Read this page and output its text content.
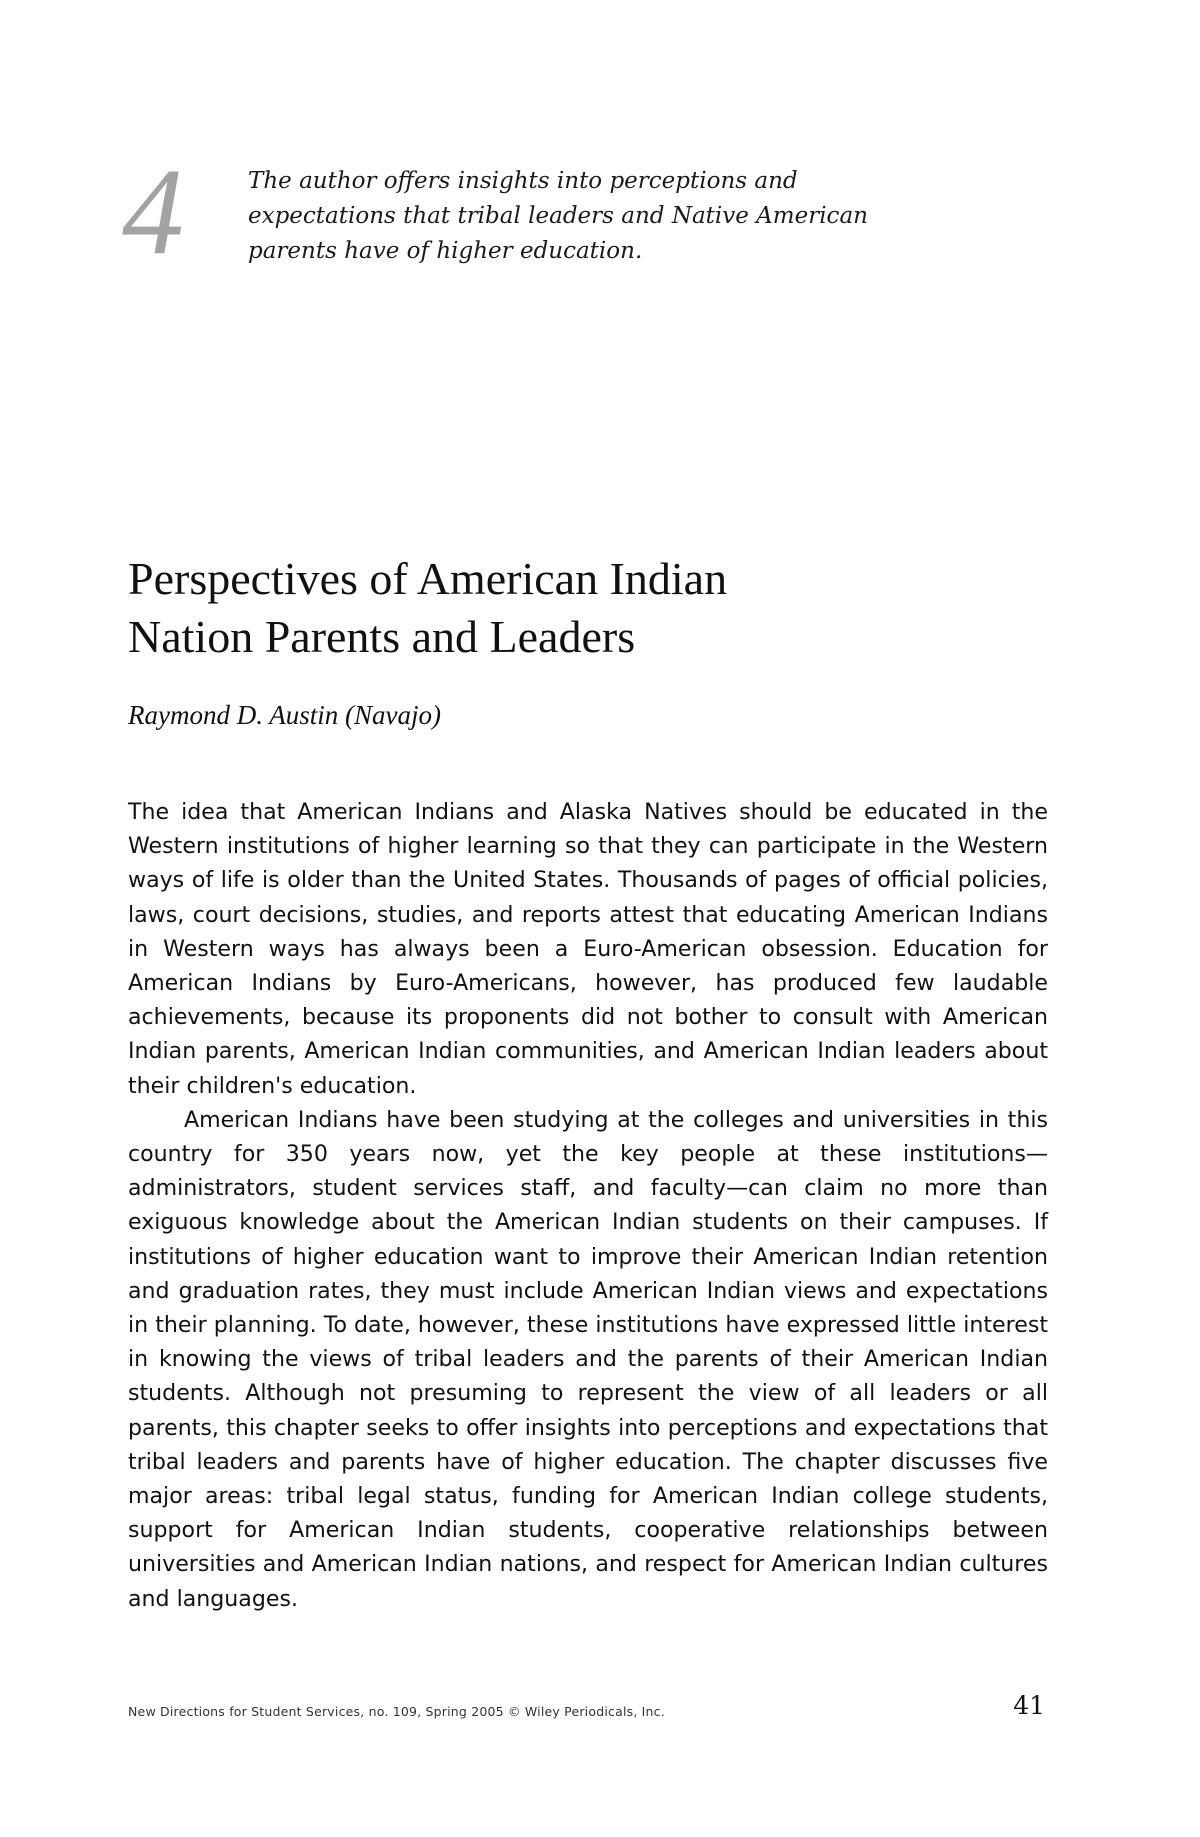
4	The author offers insights into perceptions and expectations that tribal leaders and Native American parents have of higher education.
Perspectives of American Indian
Nation Parents and Leaders
Raymond D. Austin (Navajo)

The idea that American Indians and Alaska Natives should be educated in the Western institutions of higher learning so that they can participate in the Western ways of life is older than the United States. Thousands of pages of official policies, laws, court decisions, studies, and reports attest that educating American Indians in Western ways has always been a Euro-American obsession. Education for American Indians by Euro-Americans, however, has produced few laudable achievements, because its proponents did not bother to consult with American Indian parents, American Indian communities, and American Indian leaders about their children's education.

American Indians have been studying at the colleges and universities in this country for 350 years now, yet the key people at these institutions—administrators, student services staff, and faculty—can claim no more than exiguous knowledge about the American Indian students on their campuses. If institutions of higher education want to improve their American Indian retention and graduation rates, they must include American Indian views and expectations in their planning. To date, however, these institutions have expressed little interest in knowing the views of tribal leaders and the parents of their American Indian students. Although not presuming to represent the view of all leaders or all parents, this chapter seeks to offer insights into perceptions and expectations that tribal leaders and parents have of higher education. The chapter discusses five major areas: tribal legal status, funding for American Indian college students, support for American Indian students, cooperative relationships between universities and American Indian nations, and respect for American Indian cultures and languages.

New Directions for Student Services, no. 109, Spring 2005 © Wiley Periodicals, Inc.	41
